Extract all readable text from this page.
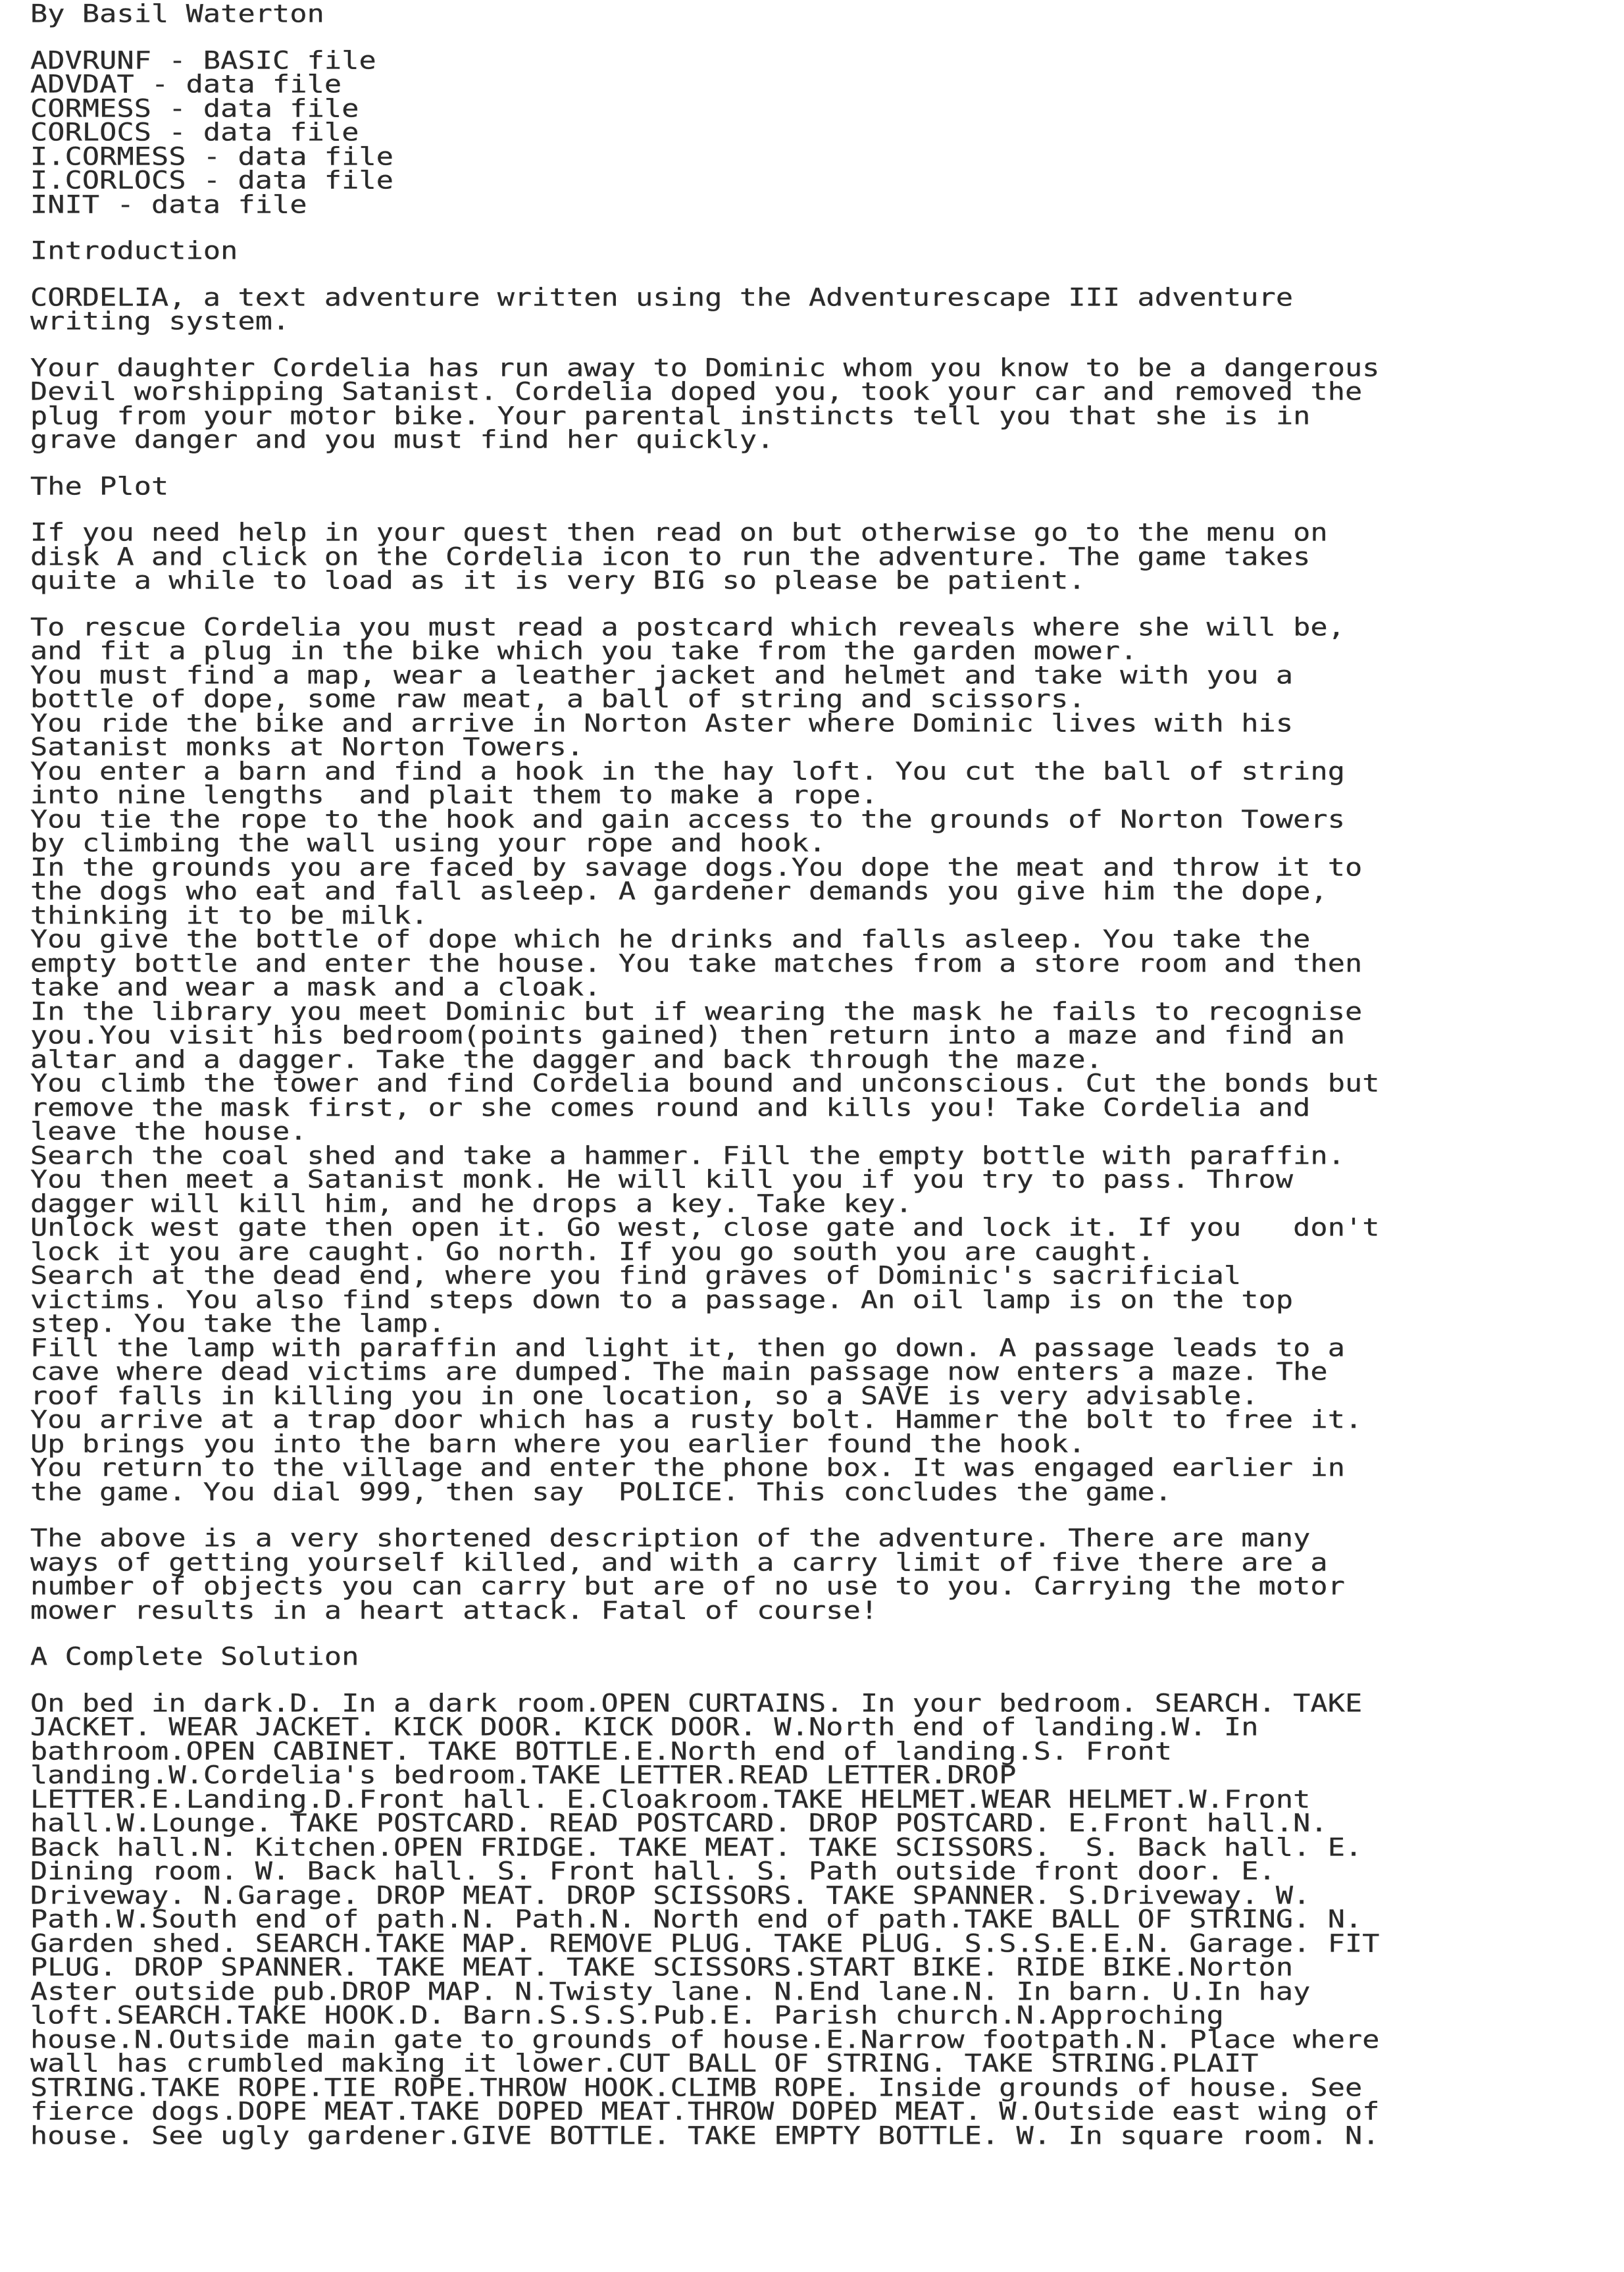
By Basil Waterton
ADVRUNF - BASIC file
ADVDAT - data file
CORMESS - data file
CORLOCS - data file
I.CORMESS - data file
I.CORLOCS - data file
INIT - data file
Introduction
CORDELIA, a text adventure written using the Adventurescape III adventure
writing system.
Your daughter Cordelia has run away to Dominic whom you know to be a dangerous
Devil worshipping Satanist. Cordelia doped you, took your car and removed the
plug from your motor bike. Your parental instincts tell you that she is in
grave danger and you must find her quickly.
The Plot
If you need help in your quest then read on but otherwise go to the menu on
disk A and click on the Cordelia icon to run the adventure. The game takes
quite a while to load as it is very BIG so please be patient.
To rescue Cordelia you must read a postcard which reveals where she will be,
and fit a plug in the bike which you take from the garden mower.
You must find a map, wear a leather jacket and helmet and take with you a
bottle of dope, some raw meat, a ball of string and scissors.
You ride the bike and arrive in Norton Aster where Dominic lives with his
Satanist monks at Norton Towers.
You enter a barn and find a hook in the hay loft. You cut the ball of string
into nine lengths  and plait them to make a rope.
You tie the rope to the hook and gain access to the grounds of Norton Towers
by climbing the wall using your rope and hook.
In the grounds you are faced by savage dogs.You dope the meat and throw it to
the dogs who eat and fall asleep. A gardener demands you give him the dope,
thinking it to be milk.
You give the bottle of dope which he drinks and falls asleep. You take the
empty bottle and enter the house. You take matches from a store room and then
take and wear a mask and a cloak.
In the library you meet Dominic but if wearing the mask he fails to recognise
you.You visit his bedroom(points gained) then return into a maze and find an
altar and a dagger. Take the dagger and back through the maze.
You climb the tower and find Cordelia bound and unconscious. Cut the bonds but
remove the mask first, or she comes round and kills you! Take Cordelia and
leave the house.
Search the coal shed and take a hammer. Fill the empty bottle with paraffin.
You then meet a Satanist monk. He will kill you if you try to pass. Throw
dagger will kill him, and he drops a key. Take key.
Unlock west gate then open it. Go west, close gate and lock it. If you   don't
lock it you are caught. Go north. If you go south you are caught.
Search at the dead end, where you find graves of Dominic's sacrificial
victims. You also find steps down to a passage. An oil lamp is on the top
step. You take the lamp.
Fill the lamp with paraffin and light it, then go down. A passage leads to a
cave where dead victims are dumped. The main passage now enters a maze. The
roof falls in killing you in one location, so a SAVE is very advisable.
You arrive at a trap door which has a rusty bolt. Hammer the bolt to free it.
Up brings you into the barn where you earlier found the hook.
You return to the village and enter the phone box. It was engaged earlier in
the game. You dial 999, then say  POLICE. This concludes the game.
The above is a very shortened description of the adventure. There are many
ways of getting yourself killed, and with a carry limit of five there are a
number of objects you can carry but are of no use to you. Carrying the motor
mower results in a heart attack. Fatal of course!
A Complete Solution
On bed in dark.D. In a dark room.OPEN CURTAINS. In your bedroom. SEARCH. TAKE
JACKET. WEAR JACKET. KICK DOOR. KICK DOOR. W.North end of landing.W. In
bathroom.OPEN CABINET. TAKE BOTTLE.E.North end of landing.S. Front
landing.W.Cordelia's bedroom.TAKE LETTER.READ LETTER.DROP
LETTER.E.Landing.D.Front hall. E.Cloakroom.TAKE HELMET.WEAR HELMET.W.Front
hall.W.Lounge. TAKE POSTCARD. READ POSTCARD. DROP POSTCARD. E.Front hall.N.
Back hall.N. Kitchen.OPEN FRIDGE. TAKE MEAT. TAKE SCISSORS.  S. Back hall. E.
Dining room. W. Back hall. S. Front hall. S. Path outside front door. E.
Driveway. N.Garage. DROP MEAT. DROP SCISSORS. TAKE SPANNER. S.Driveway. W.
Path.W.South end of path.N. Path.N. North end of path.TAKE BALL OF STRING. N.
Garden shed. SEARCH.TAKE MAP. REMOVE PLUG. TAKE PLUG. S.S.S.E.E.N. Garage. FIT
PLUG. DROP SPANNER. TAKE MEAT. TAKE SCISSORS.START BIKE. RIDE BIKE.Norton
Aster outside pub.DROP MAP. N.Twisty lane. N.End lane.N. In barn. U.In hay
loft.SEARCH.TAKE HOOK.D. Barn.S.S.S.Pub.E. Parish church.N.Approching
house.N.Outside main gate to grounds of house.E.Narrow footpath.N. Place where
wall has crumbled making it lower.CUT BALL OF STRING. TAKE STRING.PLAIT
STRING.TAKE ROPE.TIE ROPE.THROW HOOK.CLIMB ROPE. Inside grounds of house. See
fierce dogs.DOPE MEAT.TAKE DOPED MEAT.THROW DOPED MEAT. W.Outside east wing of
house. See ugly gardener.GIVE BOTTLE. TAKE EMPTY BOTTLE. W. In square room. N.
